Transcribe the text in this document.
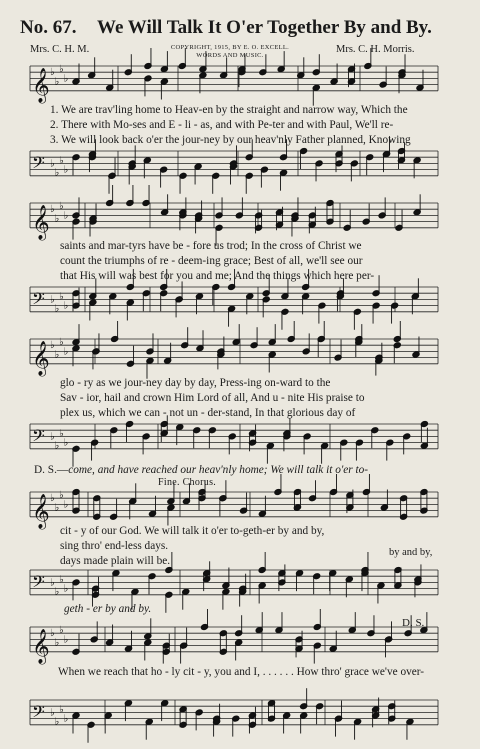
No. 67. We Will Talk It O'er Together By and By.
Mrs. C. H. M.	COPYRIGHT, 1915, BY E. O. EXCELL.
WORDS AND MUSIC.
Mrs. C. H. Morris.
𝄞 ♭
♭
♭
♭
𝄢 ♭
♭
♭
♭
𝄞 ♭
♭
♭
♭
𝄢 ♭
♭
♭
♭
𝄞 ♭
♭
♭
♭
𝄢 ♭
♭
♭
♭
𝄞 ♭
♭
♭
♭
𝄢 ♭
♭
♭
♭
𝄞 ♭
♭
♭
♭
𝄢 ♭
♭
♭
♭
1. We are trav'ling home to Heav-en by the straight and narrow way, Which the
2. There with Mo-ses and E - li - as, and with Pe-ter and with Paul, We'll re-
3. We will look back o'er the jour-ney by our heav'nly Father planned, Knowing
saints and mar-tyrs have be - fore us trod; In the cross of Christ we
count the triumphs of re - deem-ing grace; Best of all, we'll see our
that His will was best for you and me; And the things which here per-
glo - ry as we jour-ney day by day, Press-ing on-ward to the
Sav - ior, hail and crown Him Lord of all, And u - nite His praise to
plex us, which we can - not un - der-stand, In that glorious day of
D. S.—come, and have reached our heav'nly home; We will talk it o'er to-
Fine. Chorus.
cit - y of our God. We will talk it o'er to-geth-er by and by,
sing thro' end-less days.
days made plain will be.
by and by,
geth - er by and by.
D. S.
When we reach that ho - ly cit - y, you and I, . . . . . . How thro' grace we've over-
